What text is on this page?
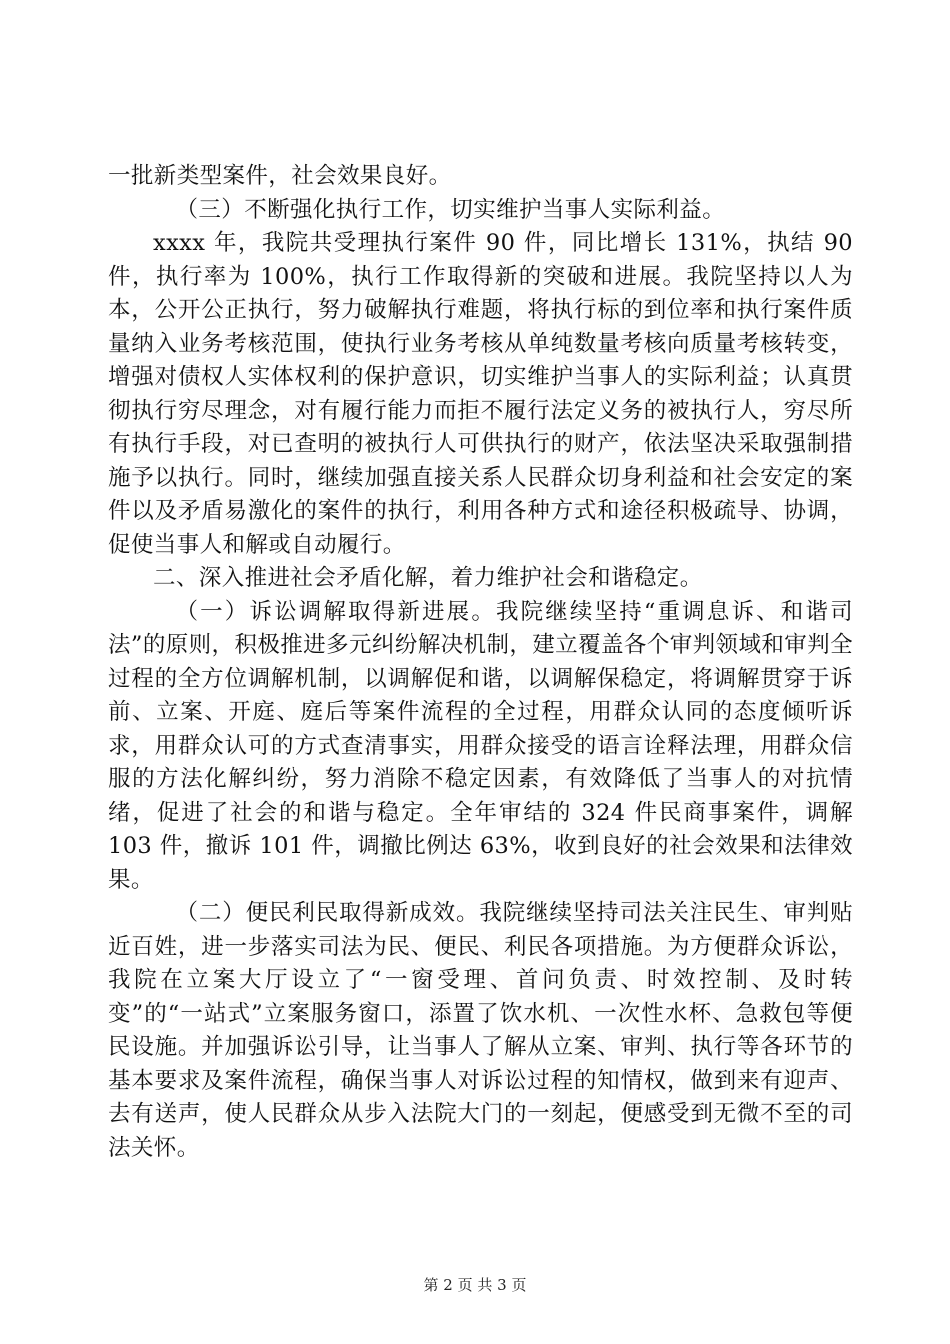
一批新类型案件，社会效果良好。

（三）不断强化执行工作，切实维护当事人实际利益。

xxxx 年，我院共受理执行案件 90 件，同比增长 131%，执结 90 件，执行率为 100%，执行工作取得新的突破和进展。我院坚持以人为本，公开公正执行，努力破解执行难题，将执行标的到位率和执行案件质量纳入业务考核范围，使执行业务考核从单纯数量考核向质量考核转变，增强对债权人实体权利的保护意识，切实维护当事人的实际利益；认真贯彻执行穷尽理念，对有履行能力而拒不履行法定义务的被执行人，穷尽所有执行手段，对已查明的被执行人可供执行的财产，依法坚决采取强制措施予以执行。同时，继续加强直接关系人民群众切身利益和社会安定的案件以及矛盾易激化的案件的执行，利用各种方式和途径积极疏导、协调，促使当事人和解或自动履行。

二、深入推进社会矛盾化解，着力维护社会和谐稳定。

（一）诉讼调解取得新进展。我院继续坚持“重调息诉、和谐司法”的原则，积极推进多元纠纷解决机制，建立覆盖各个审判领域和审判全过程的全方位调解机制，以调解促和谐，以调解保稳定，将调解贯穿于诉前、立案、开庭、庭后等案件流程的全过程，用群众认同的态度倾听诉求，用群众认可的方式查清事实，用群众接受的语言诠释法理，用群众信服的方法化解纠纷，努力消除不稳定因素，有效降低了当事人的对抗情绪，促进了社会的和谐与稳定。全年审结的 324 件民商事案件，调解 103 件，撤诉 101 件，调撤比例达 63%，收到良好的社会效果和法律效果。

（二）便民利民取得新成效。我院继续坚持司法关注民生、审判贴近百姓，进一步落实司法为民、便民、利民各项措施。为方便群众诉讼，我院在立案大厅设立了“一窗受理、首问负责、时效控制、及时转变”的“一站式”立案服务窗口，添置了饮水机、一次性水杯、急救包等便民设施。并加强诉讼引导，让当事人了解从立案、审判、执行等各环节的基本要求及案件流程，确保当事人对诉讼过程的知情权，做到来有迎声、去有送声，使人民群众从步入法院大门的一刻起，便感受到无微不至的司法关怀。

第 2 页 共 3 页
